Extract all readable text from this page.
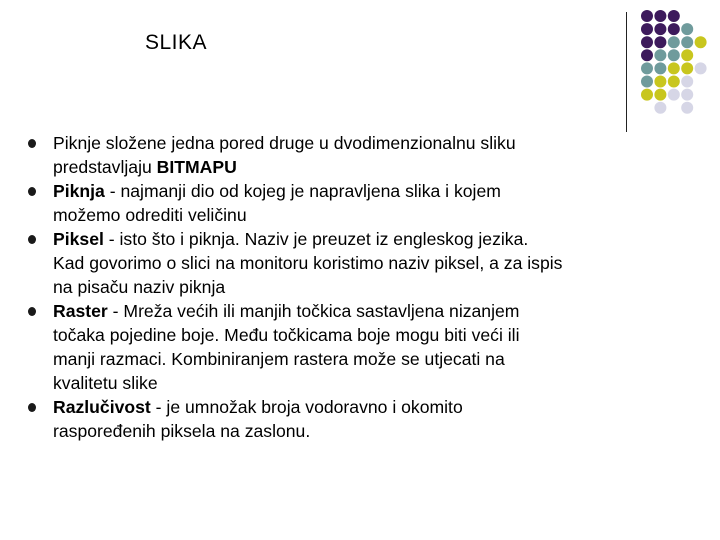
SLIKA
Piknje složene jedna pored druge u dvodimenzionalnu sliku
predstavljaju BITMAPU
Piknja - najmanji dio od kojeg je napravljena slika i kojem
možemo odrediti veličinu
Piksel - isto što i piknja. Naziv je preuzet iz engleskog jezika.
Kad govorimo o slici na monitoru koristimo naziv piksel, a za ispis
na pisaču naziv piknja
Raster - Mreža većih ili manjih točkica sastavljena nizanjem
točaka pojedine boje. Među točkicama boje mogu biti veći ili
manji razmaci. Kombiniranjem rastera može se utjecati na
kvalitetu slike
Razlučivost - je umnožak broja vodoravno i okomito
raspoređenih piksela na zaslonu.
